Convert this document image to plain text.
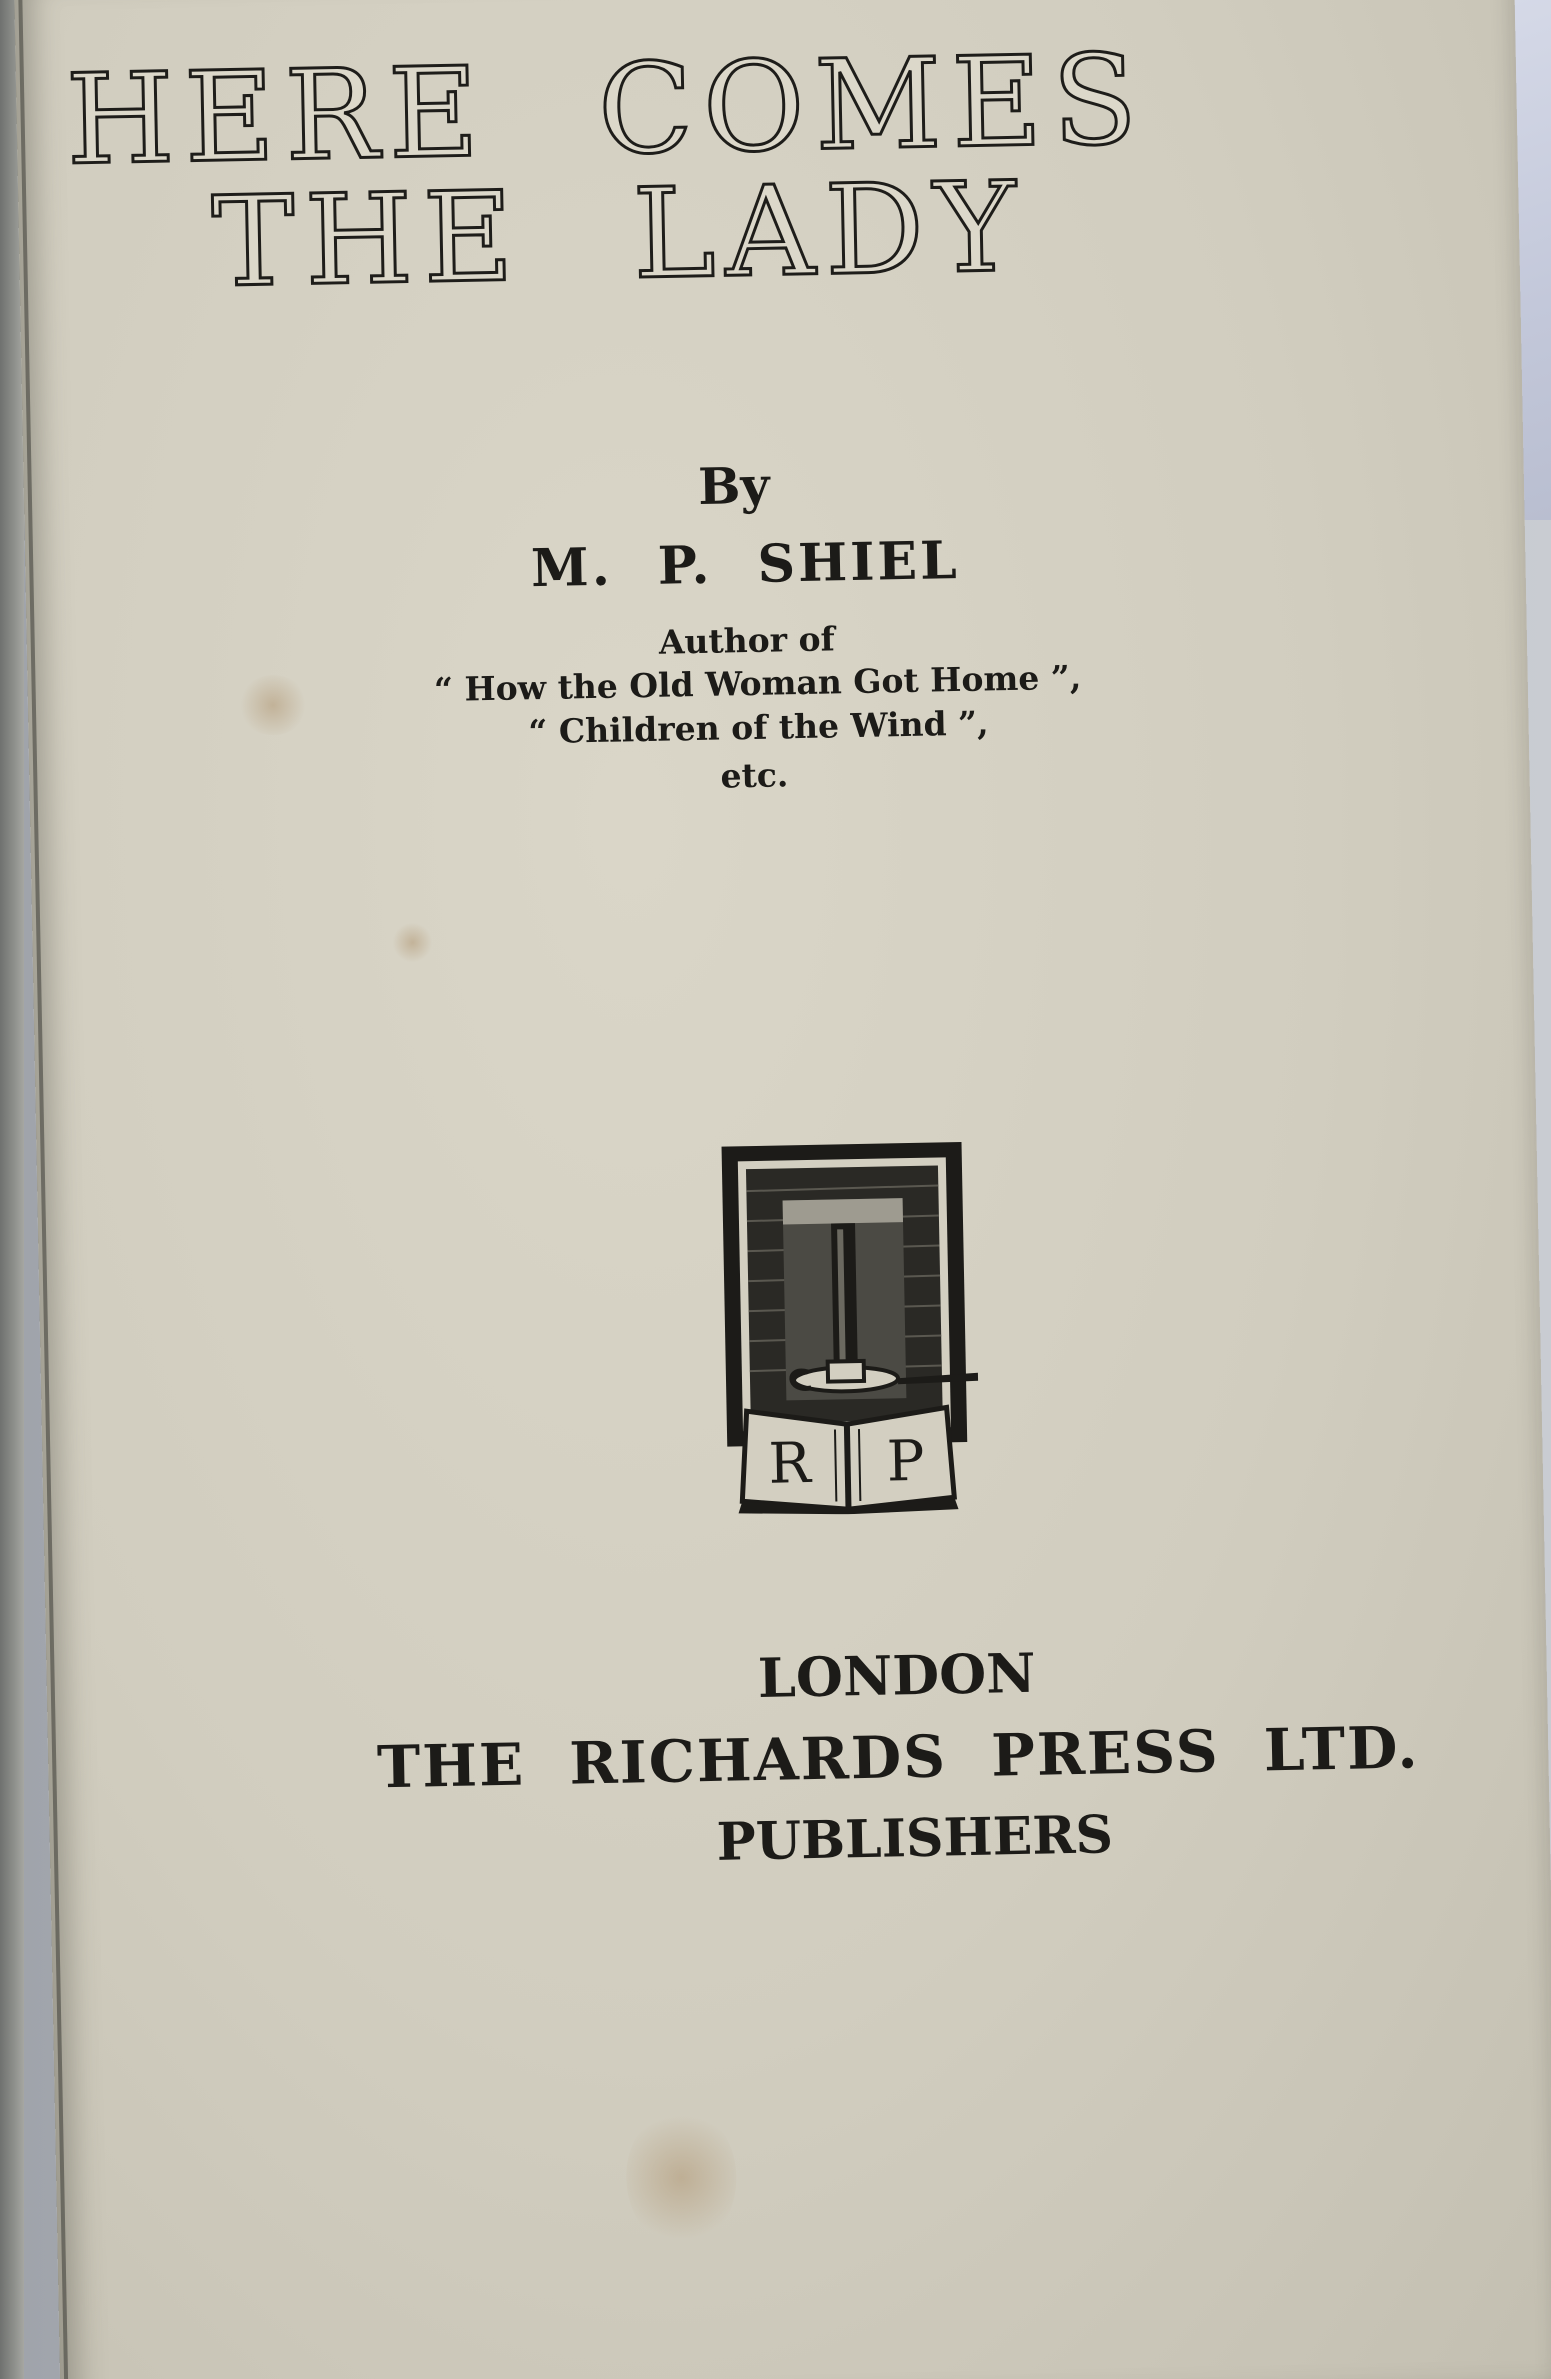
HERE COMES
THE LADY
By
M. P. SHIEL
Author of
“ How the Old Woman Got Home ”,
“ Children of the Wind ”,
etc.
R P
LONDON
THE RICHARDS PRESS LTD.
PUBLISHERS
